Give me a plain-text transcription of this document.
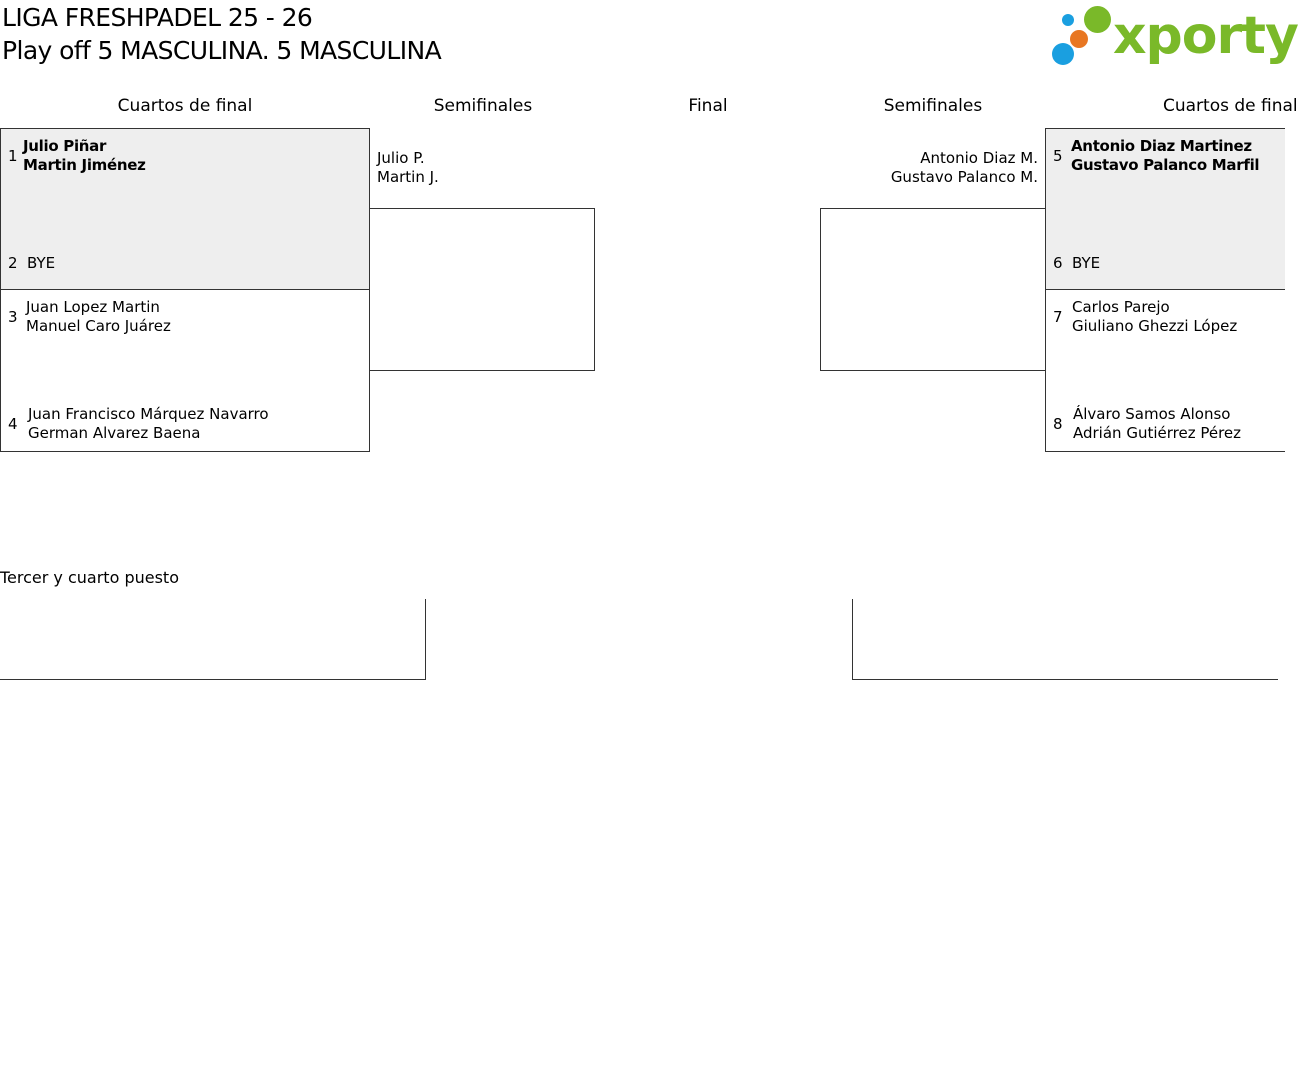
LIGA FRESHPADEL 25 - 26
Play off 5 MASCULINA. 5 MASCULINA	xporty
Cuartos de final	Semifinales	Final	Semifinales	Cuartos de final
1
Julio Piñar
Martin Jiménez
2 BYE
3
Juan Lopez Martin
Manuel Caro Juárez
4
Juan Francisco Márquez Navarro
German Alvarez Baena
Julio P.
Martin J.
Antonio Diaz M.
Gustavo Palanco M.
5
Antonio Diaz Martinez
Gustavo Palanco Marfil
6 BYE
7
Carlos Parejo
Giuliano Ghezzi López
8
Álvaro Samos Alonso
Adrián Gutiérrez Pérez
Tercer y cuarto puesto
